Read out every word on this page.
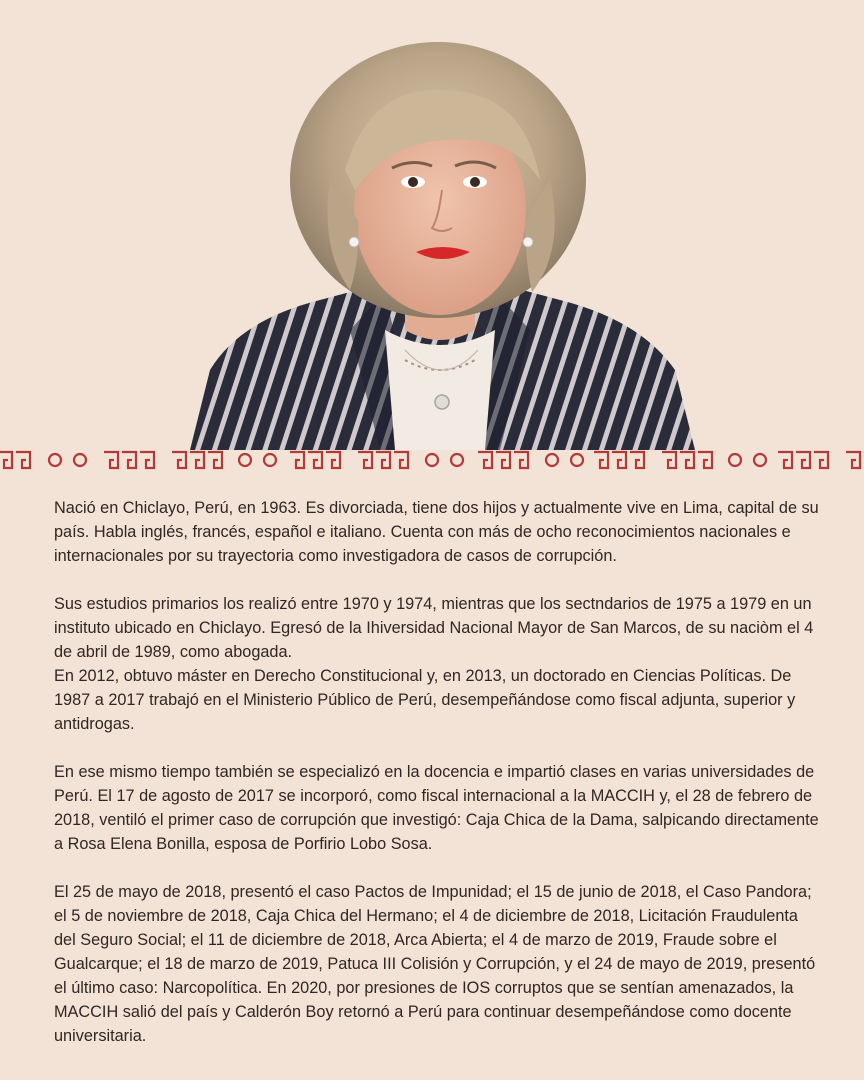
Nació en Chiclayo, Perú, en 1963. Es divorciada, tiene dos hijos y actualmente vive en Lima, capital de su país. Habla inglés, francés, español e italiano. Cuenta con más de ocho reconocimientos nacionales e internacionales por su trayectoria como investigadora de casos de corrupción.

Sus estudios primarios los realizó entre 1970 y 1974, mientras que los sectndarios de 1975 a 1979 en un instituto ubicado en Chiclayo. Egresó de la Ihiversidad Nacional Mayor de San Marcos, de su naciòm el 4 de abril de 1989, como abogada.

En 2012, obtuvo máster en Derecho Constitucional y, en 2013, un doctorado en Ciencias Políticas. De 1987 a 2017 trabajó en el Ministerio Público de Perú, desempeñándose como fiscal adjunta, superior y antidrogas.

En ese mismo tiempo también se especializó en la docencia e impartió clases en varias universidades de Perú. El 17 de agosto de 2017 se incorporó, como fiscal internacional a la MACCIH y, el 28 de febrero de 2018, ventiló el primer caso de corrupción que investigó: Caja Chica de la Dama, salpicando directamente a Rosa Elena Bonilla, esposa de Porfirio Lobo Sosa.

El 25 de mayo de 2018, presentó el caso Pactos de Impunidad; el 15 de junio de 2018, el Caso Pandora; el 5 de noviembre de 2018, Caja Chica del Hermano; el 4 de diciembre de 2018, Licitación Fraudulenta del Seguro Social; el 11 de diciembre de 2018, Arca Abierta; el 4 de marzo de 2019, Fraude sobre el Gualcarque; el 18 de marzo de 2019, Patuca III Colisión y Corrupción, y el 24 de mayo de 2019, presentó el último caso: Narcopolítica. En 2020, por presiones de IOS corruptos que se sentían amenazados, la MACCIH salió del país y Calderón Boy retornó a Perú para continuar desempeñándose como docente universitaria.
